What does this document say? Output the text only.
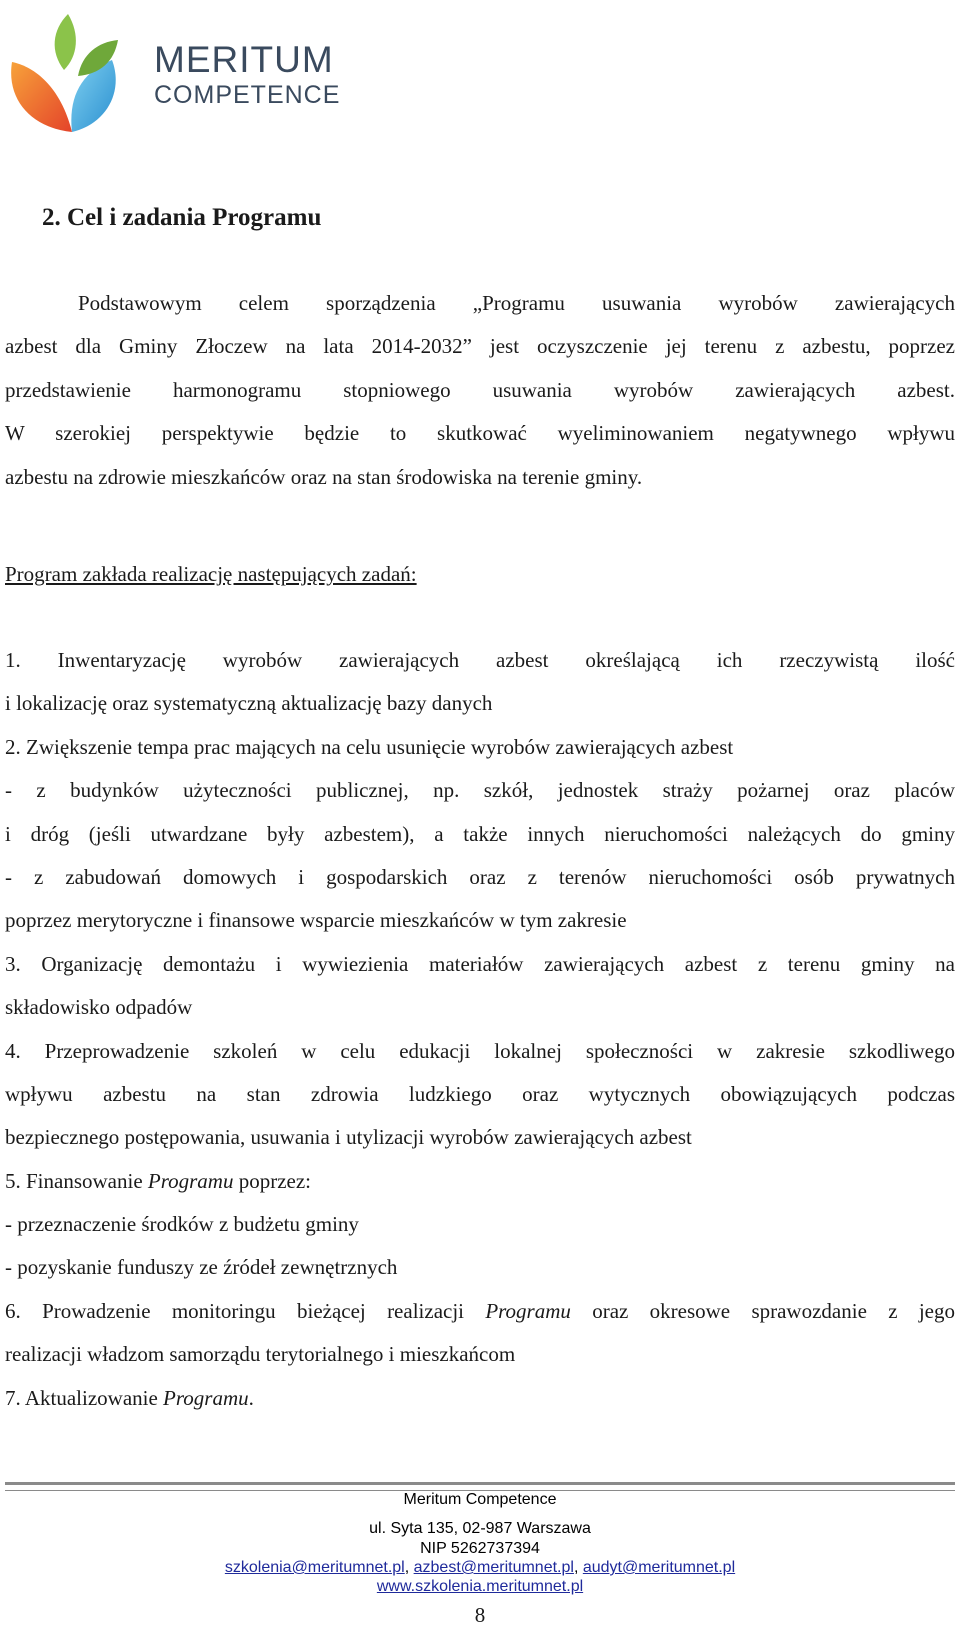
MERITUM
COMPETENCE
2. Cel i zadania Programu
Podstawowym celem sporządzenia „Programu usuwania wyrobów zawierających
azbest dla Gminy Złoczew na lata 2014-2032” jest oczyszczenie jej terenu z azbestu, poprzez
przedstawienie harmonogramu stopniowego usuwania wyrobów zawierających azbest.
W szerokiej perspektywie będzie to skutkować wyeliminowaniem negatywnego wpływu
azbestu na zdrowie mieszkańców oraz na stan środowiska na terenie gminy.
Program zakłada realizację następujących zadań:
1. Inwentaryzację wyrobów zawierających azbest określającą ich rzeczywistą ilość
i lokalizację oraz systematyczną aktualizację bazy danych
2. Zwiększenie tempa prac mających na celu usunięcie wyrobów zawierających azbest
- z budynków użyteczności publicznej, np. szkół, jednostek straży pożarnej oraz placów
i dróg (jeśli utwardzane były azbestem), a także innych nieruchomości należących do gminy
- z zabudowań domowych i gospodarskich oraz z terenów nieruchomości osób prywatnych
poprzez merytoryczne i finansowe wsparcie mieszkańców w tym zakresie
3. Organizację demontażu i wywiezienia materiałów zawierających azbest z terenu gminy na
składowisko odpadów
4. Przeprowadzenie szkoleń w celu edukacji lokalnej społeczności w zakresie szkodliwego
wpływu azbestu na stan zdrowia ludzkiego oraz wytycznych obowiązujących podczas
bezpiecznego postępowania, usuwania i utylizacji wyrobów zawierających azbest
5. Finansowanie Programu poprzez:
- przeznaczenie środków z budżetu gminy
- pozyskanie funduszy ze źródeł zewnętrznych
6. Prowadzenie monitoringu bieżącej realizacji Programu oraz okresowe sprawozdanie z jego
realizacji władzom samorządu terytorialnego i mieszkańcom
7. Aktualizowanie Programu.
Meritum Competence
ul. Syta 135, 02-987 Warszawa
NIP 5262737394
szkolenia@meritumnet.pl, azbest@meritumnet.pl, audyt@meritumnet.pl
www.szkolenia.meritumnet.pl
8
